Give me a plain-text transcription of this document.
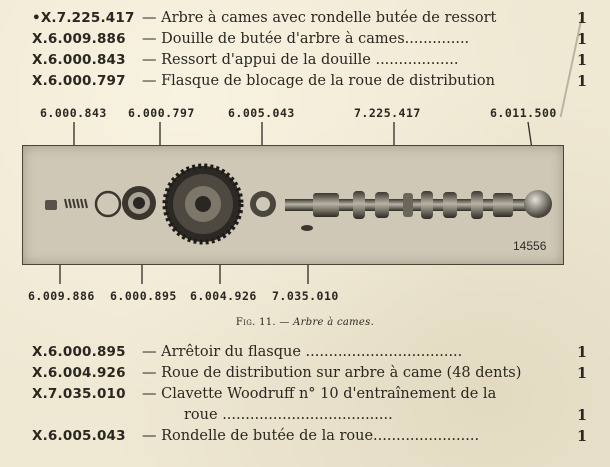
•X.7.225.417 — Arbre à cames avec rondelle butée de ressort	1
X.6.009.886 — Douille de butée d'arbre à cames..............	1
X.6.000.843 — Ressort d'appui de la douille ..................	1
X.6.000.797 — Flasque de blocage de la roue de distribution	1
6.000.843 6.000.797	6.005.043	7.225.417	6.011.500
14556
6.009.886 6.000.895 6.004.926 7.035.010
Fig. 11. — Arbre à cames.
X.6.000.895 — Arrêtoir du flasque ..................................	1
X.6.004.926 — Roue de distribution sur arbre à came (48 dents)	1
X.7.035.010 — Clavette Woodruff n° 10 d'entraînement de la
roue .....................................	1
X.6.005.043 — Rondelle de butée de la roue.......................	1
